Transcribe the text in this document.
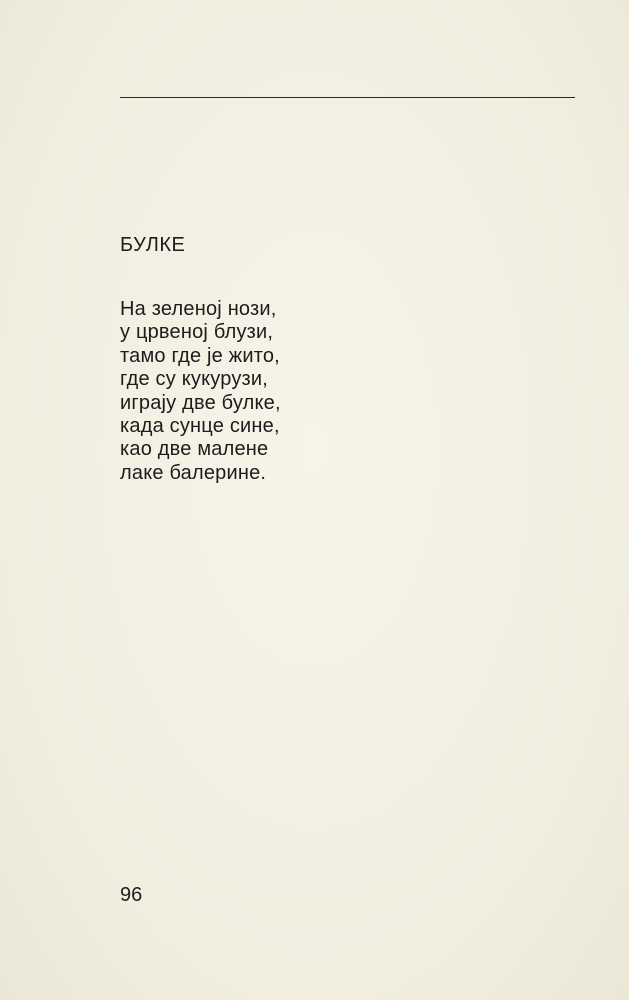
БУЛКЕ
На зеленој нози,
у црвеној блузи,
тамо где је жито,
где су кукурузи,
играју две булке,
када сунце сине,
као две малене
лаке балерине.
96
